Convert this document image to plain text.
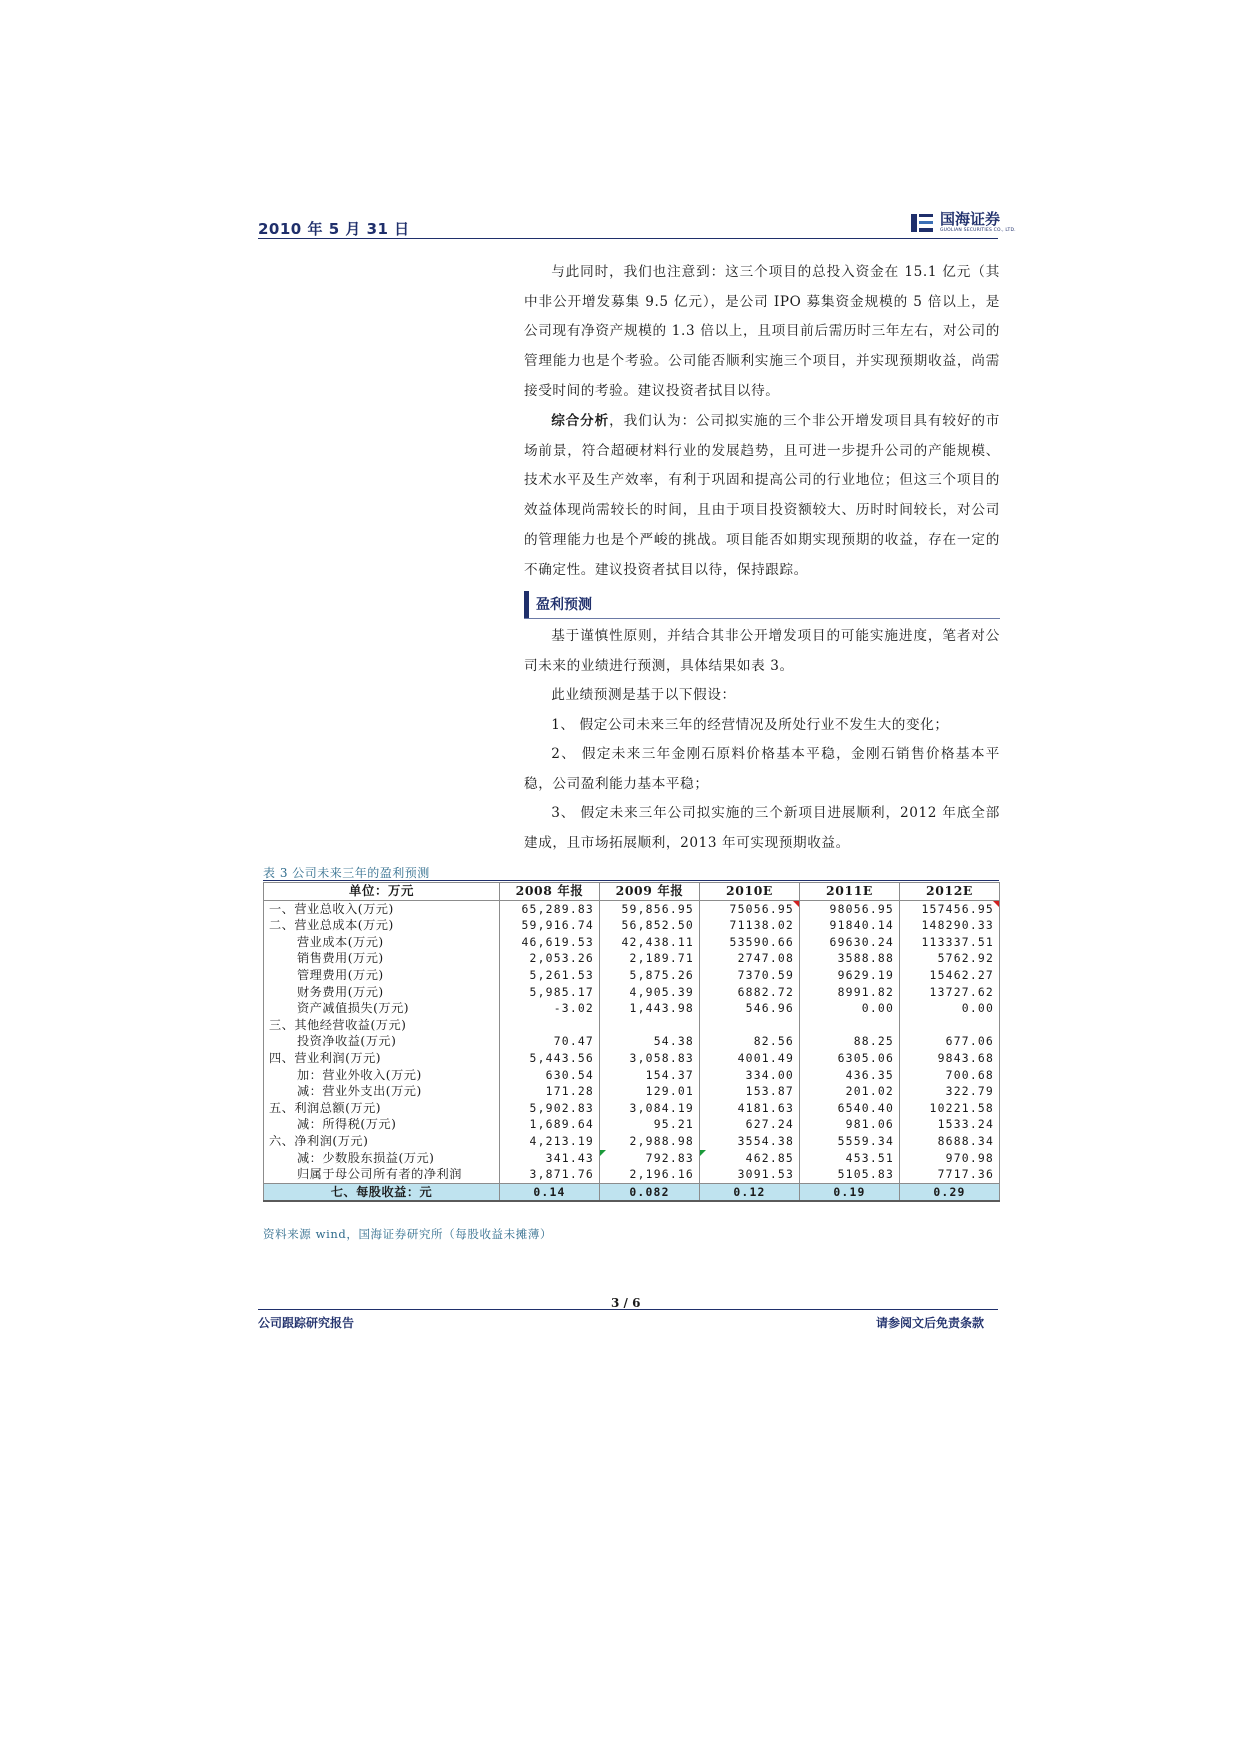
2010 年 5 月 31 日
国海证券
GUOLIAN SECURITIES CO., LTD.
与此同时，我们也注意到：这三个项目的总投入资金在 15.1 亿元（其中非公开增发募集 9.5 亿元），是公司 IPO 募集资金规模的 5 倍以上，是公司现有净资产规模的 1.3 倍以上，且项目前后需历时三年左右，对公司的管理能力也是个考验。公司能否顺利实施三个项目，并实现预期收益，尚需接受时间的考验。建议投资者拭目以待。
综合分析，我们认为：公司拟实施的三个非公开增发项目具有较好的市场前景，符合超硬材料行业的发展趋势，且可进一步提升公司的产能规模、技术水平及生产效率，有利于巩固和提高公司的行业地位；但这三个项目的效益体现尚需较长的时间，且由于项目投资额较大、历时时间较长，对公司的管理能力也是个严峻的挑战。项目能否如期实现预期的收益，存在一定的不确定性。建议投资者拭目以待，保持跟踪。
盈利预测
基于谨慎性原则，并结合其非公开增发项目的可能实施进度，笔者对公司未来的业绩进行预测，具体结果如表 3。
此业绩预测是基于以下假设：
1、 假定公司未来三年的经营情况及所处行业不发生大的变化；
2、 假定未来三年金刚石原料价格基本平稳，金刚石销售价格基本平稳，公司盈利能力基本平稳；
3、 假定未来三年公司拟实施的三个新项目进展顺利，2012 年底全部建成，且市场拓展顺利，2013 年可实现预期收益。
表 3 公司未来三年的盈利预测
单位：万元	2008 年报	2009 年报	2010E	2011E	2012E
一、营业总收入(万元)	65,289.83	59,856.95	75056.95	98056.95	157456.95
二、营业总成本(万元)	59,916.74	56,852.50	71138.02	91840.14	148290.33
营业成本(万元)	46,619.53	42,438.11	53590.66	69630.24	113337.51
销售费用(万元)	2,053.26	2,189.71	2747.08	3588.88	5762.92
管理费用(万元)	5,261.53	5,875.26	7370.59	9629.19	15462.27
财务费用(万元)	5,985.17	4,905.39	6882.72	8991.82	13727.62
资产减值损失(万元)	-3.02	1,443.98	546.96	0.00	0.00
三、其他经营收益(万元)					
投资净收益(万元)	70.47	54.38	82.56	88.25	677.06
四、营业利润(万元)	5,443.56	3,058.83	4001.49	6305.06	9843.68
加：营业外收入(万元)	630.54	154.37	334.00	436.35	700.68
减：营业外支出(万元)	171.28	129.01	153.87	201.02	322.79
五、利润总额(万元)	5,902.83	3,084.19	4181.63	6540.40	10221.58
减：所得税(万元)	1,689.64	95.21	627.24	981.06	1533.24
六、净利润(万元)	4,213.19	2,988.98	3554.38	5559.34	8688.34
减：少数股东损益(万元)	341.43	792.83	462.85	453.51	970.98
归属于母公司所有者的净利润	3,871.76	2,196.16	3091.53	5105.83	7717.36
七、每股收益：元	0.14	0.082	0.12	0.19	0.29
资料来源 wind，国海证券研究所（每股收益未摊薄）
3 / 6
公司跟踪研究报告	请参阅文后免责条款
